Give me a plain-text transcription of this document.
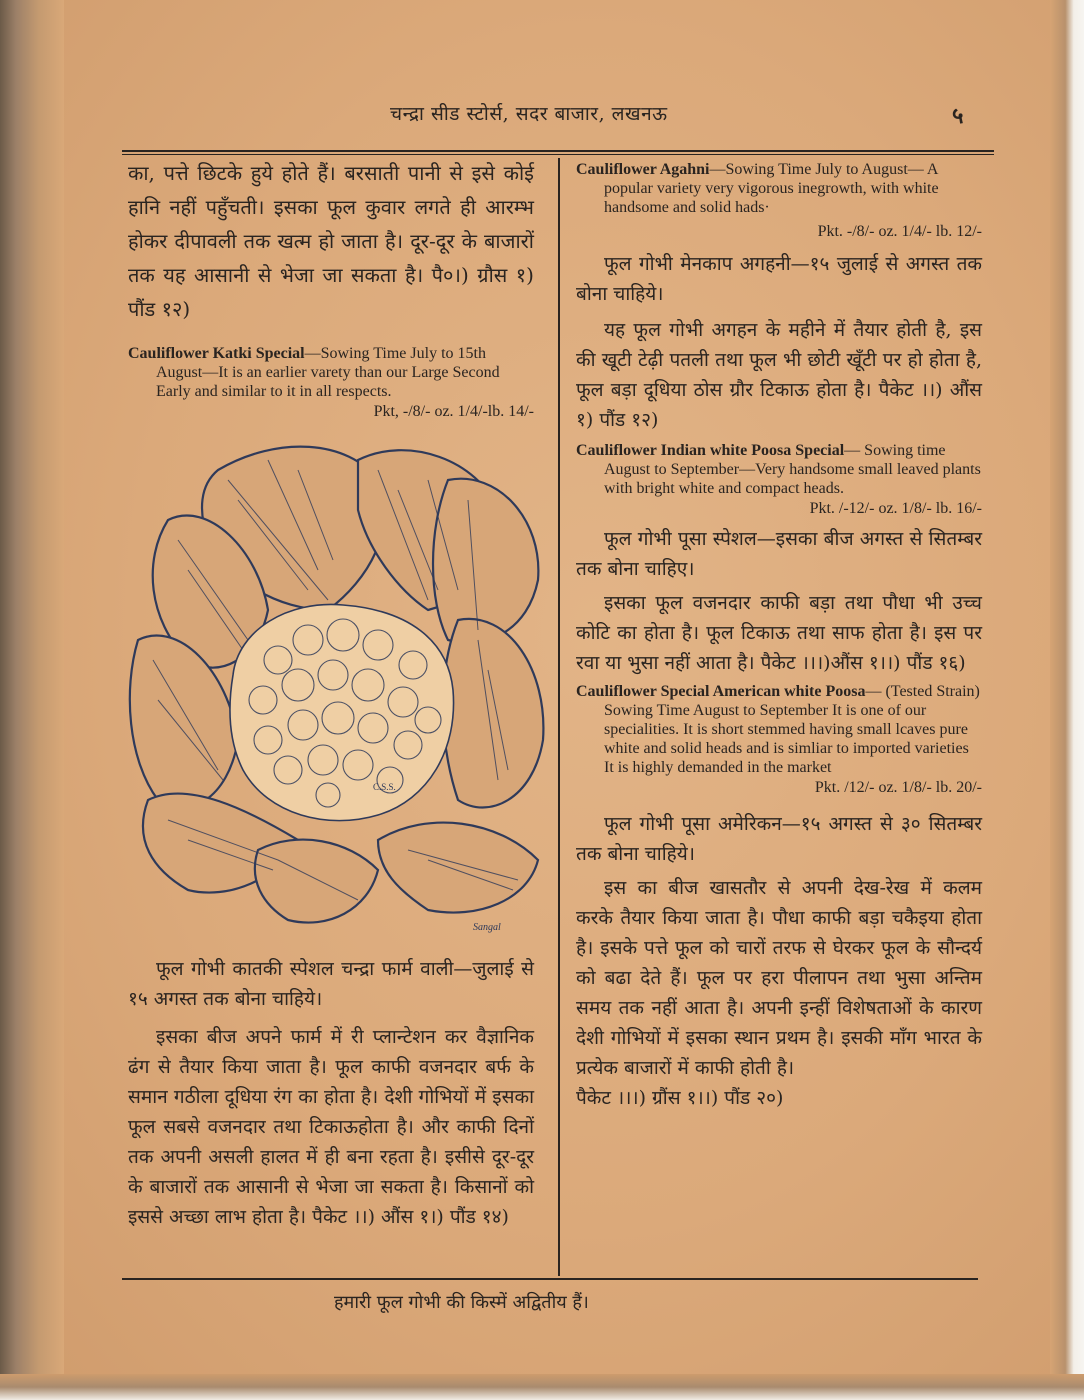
चन्द्रा सीड स्टोर्स, सदर बाजार, लखनऊ	५

का, पत्ते छिटके हुये होते हैं। बरसाती पानी से इसे कोई हानि नहीं पहुँचती। इसका फूल कुवार लगते ही आरम्भ होकर दीपावली तक खत्म हो जाता है। दूर-दूर के बाजारों तक यह आसानी से भेजा जा सकता है। पै०।) ग्रौस १) पौंड १२)

Cauliflower Katki Special—Sowing Time July to 15th August—It is an earlier varety than our Large Second Early and similar to it in all respects.

Pkt, -/8/- oz. 1/4/-lb. 14/-

C.S.S.
Sangal

फूल गोभी कातकी स्पेशल चन्द्रा फार्म वाली—जुलाई से १५ अगस्त तक बोना चाहिये।

इसका बीज अपने फार्म में री प्लान्टेशन कर वैज्ञानिक ढंग से तैयार किया जाता है। फूल काफी वजनदार बर्फ के समान गठीला दूधिया रंग का होता है। देशी गोभियों में इसका फूल सबसे वजनदार तथा टिकाऊहोता है। और काफी दिनों तक अपनी असली हालत में ही बना रहता है। इसीसे दूर-दूर के बाजारों तक आसानी से भेजा जा सकता है। किसानों को इससे अच्छा लाभ होता है। पैकेट ।।) औंस १।) पौंड १४)

Cauliflower Agahni—Sowing Time July to August— A popular variety very vigorous inegrowth, with white handsome and solid hads·

Pkt. -/8/- oz. 1/4/- lb. 12/-

फूल गोभी मेनकाप अगहनी—१५ जुलाई से अगस्त तक बोना चाहिये।

यह फूल गोभी अगहन के महीने में तैयार होती है, इस की खूटी टेढ़ी पतली तथा फूल भी छोटी खूँटी पर हो होता है, फूल बड़ा दूधिया ठोस ग्रौर टिकाऊ होता है। पैकेट ।।) औंस १) पौंड १२)

Cauliflower Indian white Poosa Special— Sowing time August to September—Very handsome small leaved plants with bright white and compact heads.

Pkt. /-12/- oz. 1/8/- lb. 16/-

फूल गोभी पूसा स्पेशल—इसका बीज अगस्त से सितम्बर तक बोना चाहिए।

इसका फूल वजनदार काफी बड़ा तथा पौधा भी उच्च कोटि का होता है। फूल टिकाऊ तथा साफ होता है। इस पर रवा या भुसा नहीं आता है। पैकेट ।।।)औंस १।।) पौंड १६)

Cauliflower Special American white Poosa— (Tested Strain) Sowing Time August to September It is one of our specialities. It is short stemmed having small lcaves pure white and solid heads and is simliar to imported varieties It is highly demanded in the market

Pkt. /12/- oz. 1/8/- lb. 20/-

फूल गोभी पूसा अमेरिकन—१५ अगस्त से ३० सितम्बर तक बोना चाहिये।

इस का बीज खासतौर से अपनी देख-रेख में कलम करके तैयार किया जाता है। पौधा काफी बड़ा चकैइया होता है। इसके पत्ते फूल को चारों तरफ से घेरकर फूल के सौन्दर्य को बढा देते हैं। फूल पर हरा पीलापन तथा भुसा अन्तिम समय तक नहीं आता है। अपनी इन्हीं विशेषताओं के कारण देशी गोभियों में इसका स्थान प्रथम है। इसकी माँग भारत के प्रत्येक बाजारों में काफी होती है।

पैकेट ।।।) ग्रौंस १।।) पौंड २०)

हमारी फूल गोभी की किस्में अद्वितीय हैं।
